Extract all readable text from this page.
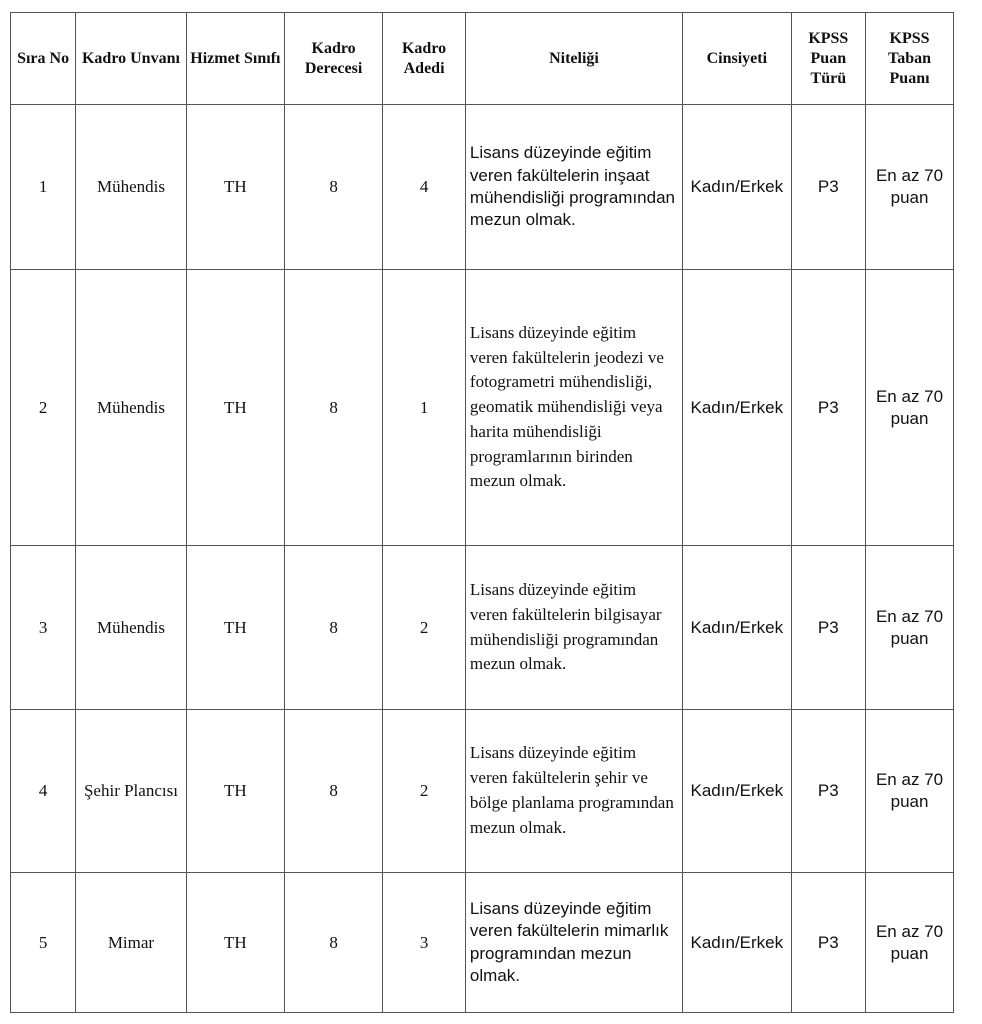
Sıra No	Kadro Unvanı	Hizmet Sınıfı	Kadro Derecesi	Kadro Adedi	Niteliği	Cinsiyeti	KPSS Puan Türü	KPSS Taban Puanı
1	Mühendis	TH	8	4	Lisans düzeyinde eğitim veren fakültelerin inşaat mühendisliği programından mezun olmak.	Kadın/Erkek	P3	En az 70 puan
2	Mühendis	TH	8	1	Lisans düzeyinde eğitim veren fakültelerin jeodezi ve fotogrametri mühendisliği, geomatik mühendisliği veya harita mühendisliği programlarının birinden mezun olmak.	Kadın/Erkek	P3	En az 70 puan
3	Mühendis	TH	8	2	Lisans düzeyinde eğitim veren fakültelerin bilgisayar mühendisliği programından mezun olmak.	Kadın/Erkek	P3	En az 70 puan
4	Şehir Plancısı	TH	8	2	Lisans düzeyinde eğitim veren fakültelerin şehir ve bölge planlama programından mezun olmak.	Kadın/Erkek	P3	En az 70 puan
5	Mimar	TH	8	3	Lisans düzeyinde eğitim veren fakültelerin mimarlık programından mezun olmak.	Kadın/Erkek	P3	En az 70 puan
